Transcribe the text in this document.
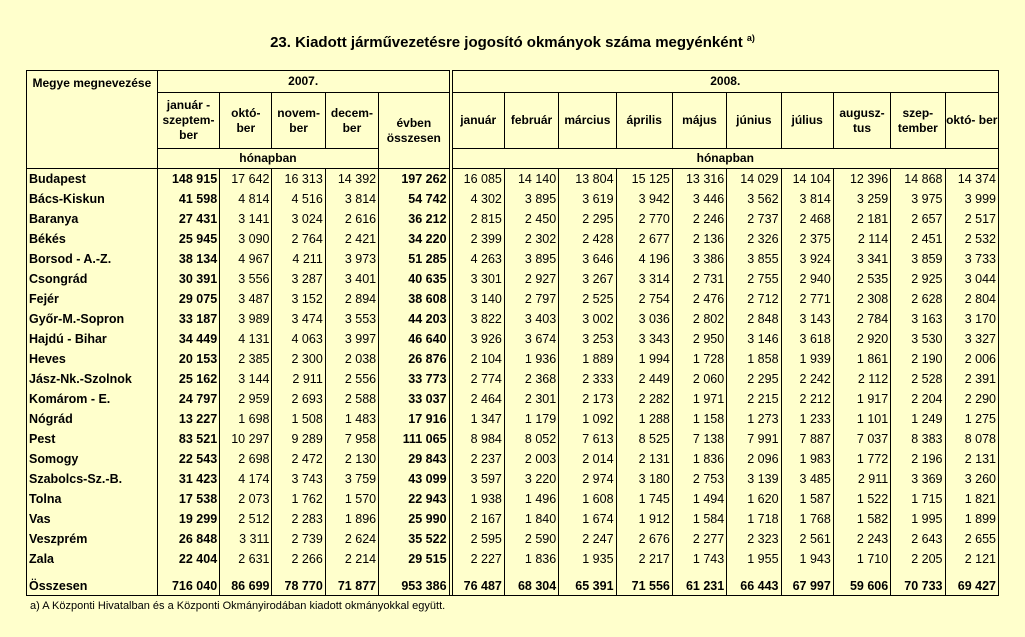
23. Kiadott járművezetésre jogosító okmányok száma megyénként $^{a)}$
Megye megnevezése	2007.						2008.									
	január - szeptem- ber	októ- ber	novem- ber	decem- ber	évben összesen		január	február	március	április	május	június	július	augusz- tus	szep- tember	októ- ber
	hónapban						hónapban									
Budapest	148 915	17 642	16 313	14 392	197 262		16 085	14 140	13 804	15 125	13 316	14 029	14 104	12 396	14 868	14 374
Bács-Kiskun	41 598	4 814	4 516	3 814	54 742		4 302	3 895	3 619	3 942	3 446	3 562	3 814	3 259	3 975	3 999
Baranya	27 431	3 141	3 024	2 616	36 212		2 815	2 450	2 295	2 770	2 246	2 737	2 468	2 181	2 657	2 517
Békés	25 945	3 090	2 764	2 421	34 220		2 399	2 302	2 428	2 677	2 136	2 326	2 375	2 114	2 451	2 532
Borsod - A.-Z.	38 134	4 967	4 211	3 973	51 285		4 263	3 895	3 646	4 196	3 386	3 855	3 924	3 341	3 859	3 733
Csongrád	30 391	3 556	3 287	3 401	40 635		3 301	2 927	3 267	3 314	2 731	2 755	2 940	2 535	2 925	3 044
Fejér	29 075	3 487	3 152	2 894	38 608		3 140	2 797	2 525	2 754	2 476	2 712	2 771	2 308	2 628	2 804
Győr-M.-Sopron	33 187	3 989	3 474	3 553	44 203		3 822	3 403	3 002	3 036	2 802	2 848	3 143	2 784	3 163	3 170
Hajdú - Bihar	34 449	4 131	4 063	3 997	46 640		3 926	3 674	3 253	3 343	2 950	3 146	3 618	2 920	3 530	3 327
Heves	20 153	2 385	2 300	2 038	26 876		2 104	1 936	1 889	1 994	1 728	1 858	1 939	1 861	2 190	2 006
Jász-Nk.-Szolnok	25 162	3 144	2 911	2 556	33 773		2 774	2 368	2 333	2 449	2 060	2 295	2 242	2 112	2 528	2 391
Komárom - E.	24 797	2 959	2 693	2 588	33 037		2 464	2 301	2 173	2 282	1 971	2 215	2 212	1 917	2 204	2 290
Nógrád	13 227	1 698	1 508	1 483	17 916		1 347	1 179	1 092	1 288	1 158	1 273	1 233	1 101	1 249	1 275
Pest	83 521	10 297	9 289	7 958	111 065		8 984	8 052	7 613	8 525	7 138	7 991	7 887	7 037	8 383	8 078
Somogy	22 543	2 698	2 472	2 130	29 843		2 237	2 003	2 014	2 131	1 836	2 096	1 983	1 772	2 196	2 131
Szabolcs-Sz.-B.	31 423	4 174	3 743	3 759	43 099		3 597	3 220	2 974	3 180	2 753	3 139	3 485	2 911	3 369	3 260
Tolna	17 538	2 073	1 762	1 570	22 943		1 938	1 496	1 608	1 745	1 494	1 620	1 587	1 522	1 715	1 821
Vas	19 299	2 512	2 283	1 896	25 990		2 167	1 840	1 674	1 912	1 584	1 718	1 768	1 582	1 995	1 899
Veszprém	26 848	3 311	2 739	2 624	35 522		2 595	2 590	2 247	2 676	2 277	2 323	2 561	2 243	2 643	2 655
Zala	22 404	2 631	2 266	2 214	29 515		2 227	1 836	1 935	2 217	1 743	1 955	1 943	1 710	2 205	2 121
Összesen	716 040	86 699	78 770	71 877	953 386		76 487	68 304	65 391	71 556	61 231	66 443	67 997	59 606	70 733	69 427
a) A Központi Hivatalban és a Központi Okmányirodában kiadott okmányokkal együtt.
